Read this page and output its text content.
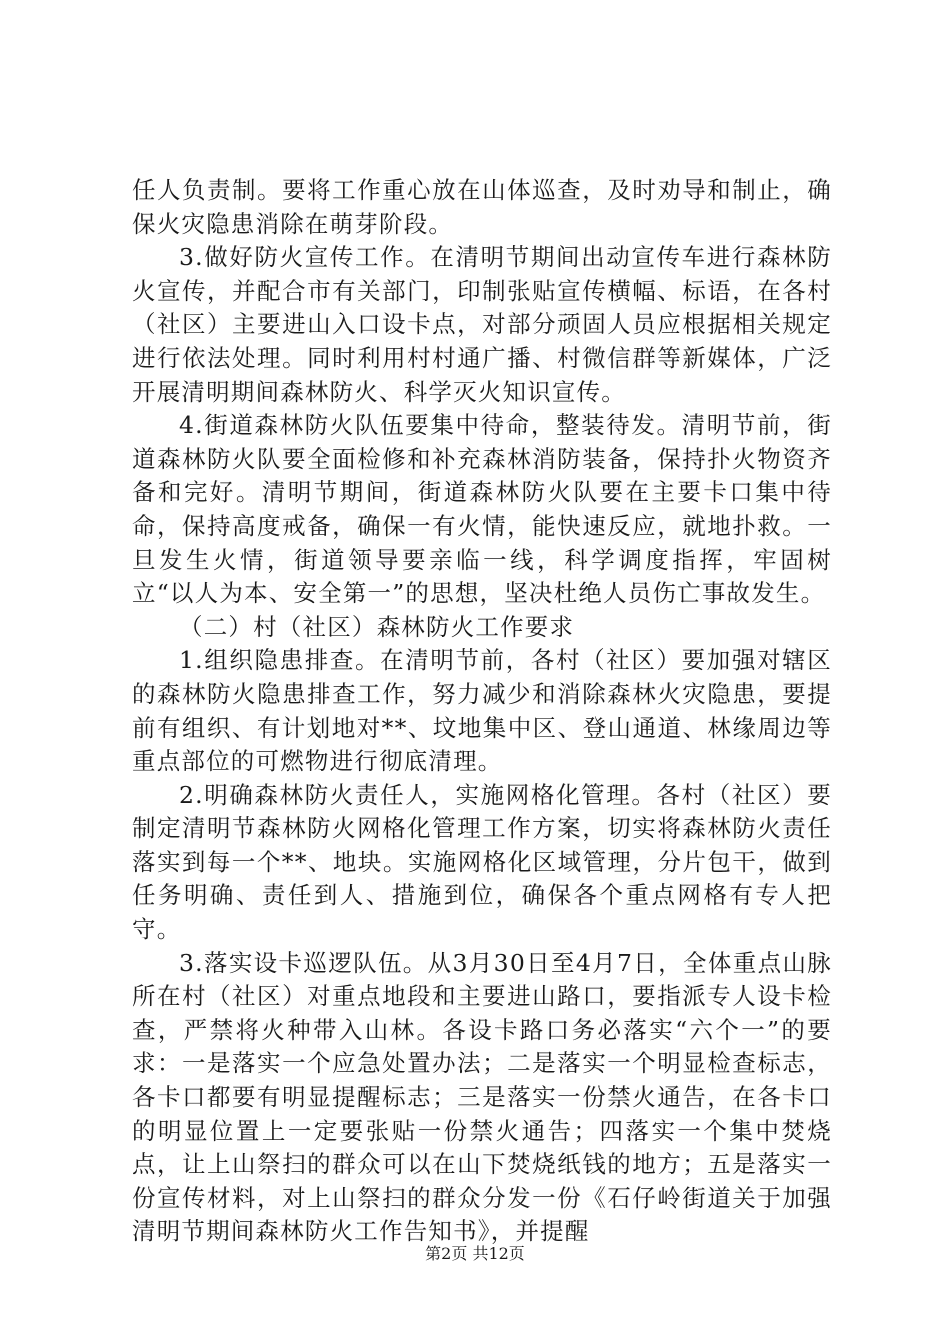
任人负责制。要将工作重心放在山体巡查，及时劝导和制止，确保火灾隐患消除在萌芽阶段。

3.做好防火宣传工作。在清明节期间出动宣传车进行森林防火宣传，并配合市有关部门，印制张贴宣传横幅、标语，在各村（社区）主要进山入口设卡点，对部分顽固人员应根据相关规定进行依法处理。同时利用村村通广播、村微信群等新媒体，广泛开展清明期间森林防火、科学灭火知识宣传。

4.街道森林防火队伍要集中待命，整装待发。清明节前，街道森林防火队要全面检修和补充森林消防装备，保持扑火物资齐备和完好。清明节期间，街道森林防火队要在主要卡口集中待命，保持高度戒备，确保一有火情，能快速反应，就地扑救。一旦发生火情，街道领导要亲临一线，科学调度指挥，牢固树立“以人为本、安全第一”的思想，坚决杜绝人员伤亡事故发生。

（二）村（社区）森林防火工作要求

1.组织隐患排查。在清明节前，各村（社区）要加强对辖区的森林防火隐患排查工作，努力减少和消除森林火灾隐患，要提前有组织、有计划地对**、坟地集中区、登山通道、林缘周边等重点部位的可燃物进行彻底清理。

2.明确森林防火责任人，实施网格化管理。各村（社区）要制定清明节森林防火网格化管理工作方案，切实将森林防火责任落实到每一个**、地块。实施网格化区域管理，分片包干，做到任务明确、责任到人、措施到位，确保各个重点网格有专人把守。

3.落实设卡巡逻队伍。从3月30日至4月7日，全体重点山脉所在村（社区）对重点地段和主要进山路口，要指派专人设卡检查，严禁将火种带入山林。各设卡路口务必落实“六个一”的要求：一是落实一个应急处置办法；二是落实一个明显检查标志，各卡口都要有明显提醒标志；三是落实一份禁火通告，在各卡口的明显位置上一定要张贴一份禁火通告；四落实一个集中焚烧点，让上山祭扫的群众可以在山下焚烧纸钱的地方；五是落实一份宣传材料，对上山祭扫的群众分发一份《石仔岭街道关于加强清明节期间森林防火工作告知书》，并提醒

第2页 共12页
